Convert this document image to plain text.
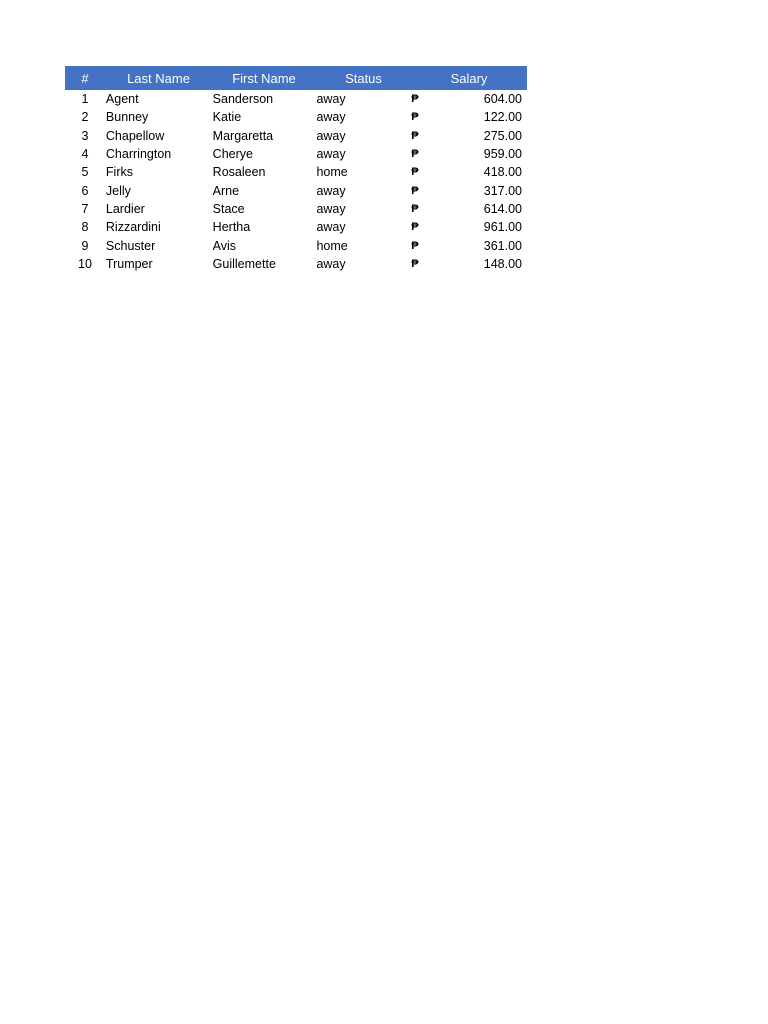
#	Last Name	First Name	Status	Salary
1	Agent	Sanderson	away	₱	604.00
2	Bunney	Katie	away	₱	122.00
3	Chapellow	Margaretta	away	₱	275.00
4	Charrington	Cherye	away	₱	959.00
5	Firks	Rosaleen	home	₱	418.00
6	Jelly	Arne	away	₱	317.00
7	Lardier	Stace	away	₱	614.00
8	Rizzardini	Hertha	away	₱	961.00
9	Schuster	Avis	home	₱	361.00
10	Trumper	Guillemette	away	₱	148.00
